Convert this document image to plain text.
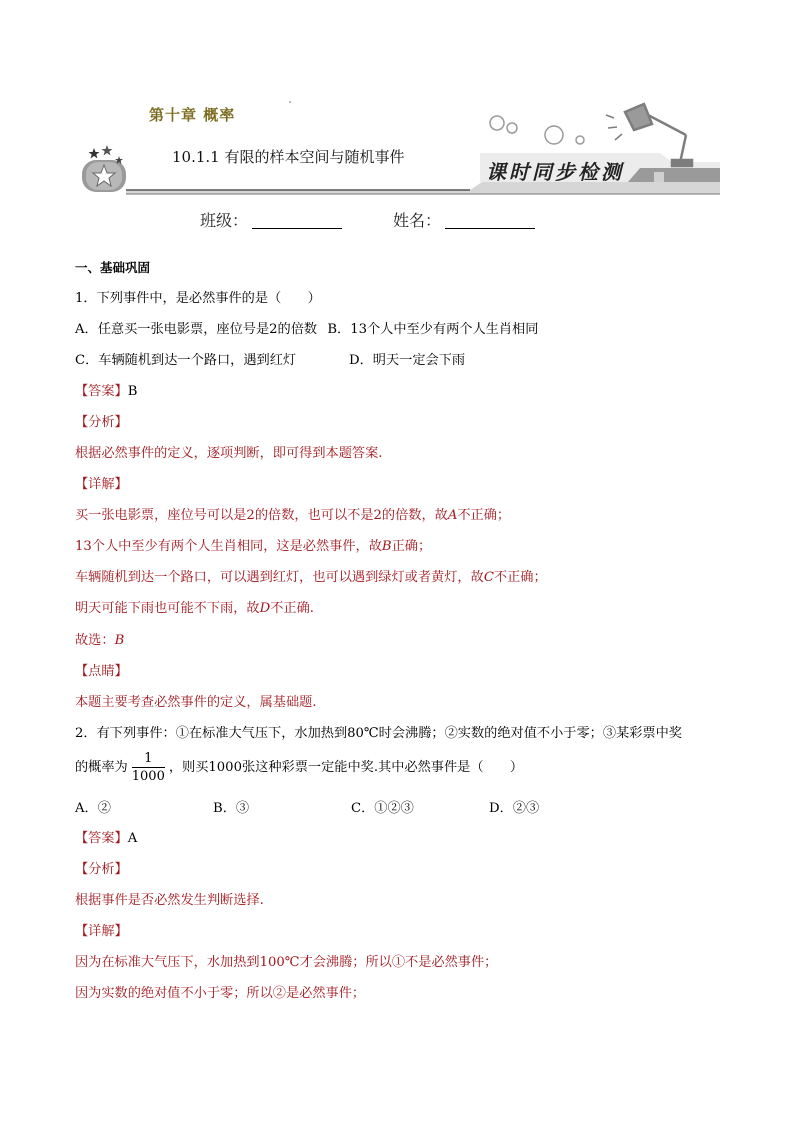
第十章 概率
10.1.1 有限的样本空间与随机事件
课时同步检测
班级：	姓名：
一、基础巩固
1．下列事件中，是必然事件的是（　　）
A．任意买一张电影票，座位号是2的倍数 B．13个人中至少有两个人生肖相同
C．车辆随机到达一个路口，遇到红灯	D．明天一定会下雨
【答案】B
【分析】
根据必然事件的定义，逐项判断，即可得到本题答案.
【详解】
买一张电影票，座位号可以是2的倍数，也可以不是2的倍数，故A不正确；
13个人中至少有两个人生肖相同，这是必然事件，故B正确；
车辆随机到达一个路口，可以遇到红灯，也可以遇到绿灯或者黄灯，故C不正确；
明天可能下雨也可能不下雨，故D不正确.
故选：B
【点睛】
本题主要考查必然事件的定义，属基础题.
2．有下列事件：①在标准大气压下，水加热到80℃时会沸腾；②实数的绝对值不小于零；③某彩票中奖
的概率为 $\frac{1}{1000}$ ，则买1000张这种彩票一定能中奖.其中必然事件是（　　）
A．②	B．③	C．①②③	D．②③
【答案】A
【分析】
根据事件是否必然发生判断选择.
【详解】
因为在标准大气压下，水加热到100℃才会沸腾；所以①不是必然事件；
因为实数的绝对值不小于零；所以②是必然事件；
